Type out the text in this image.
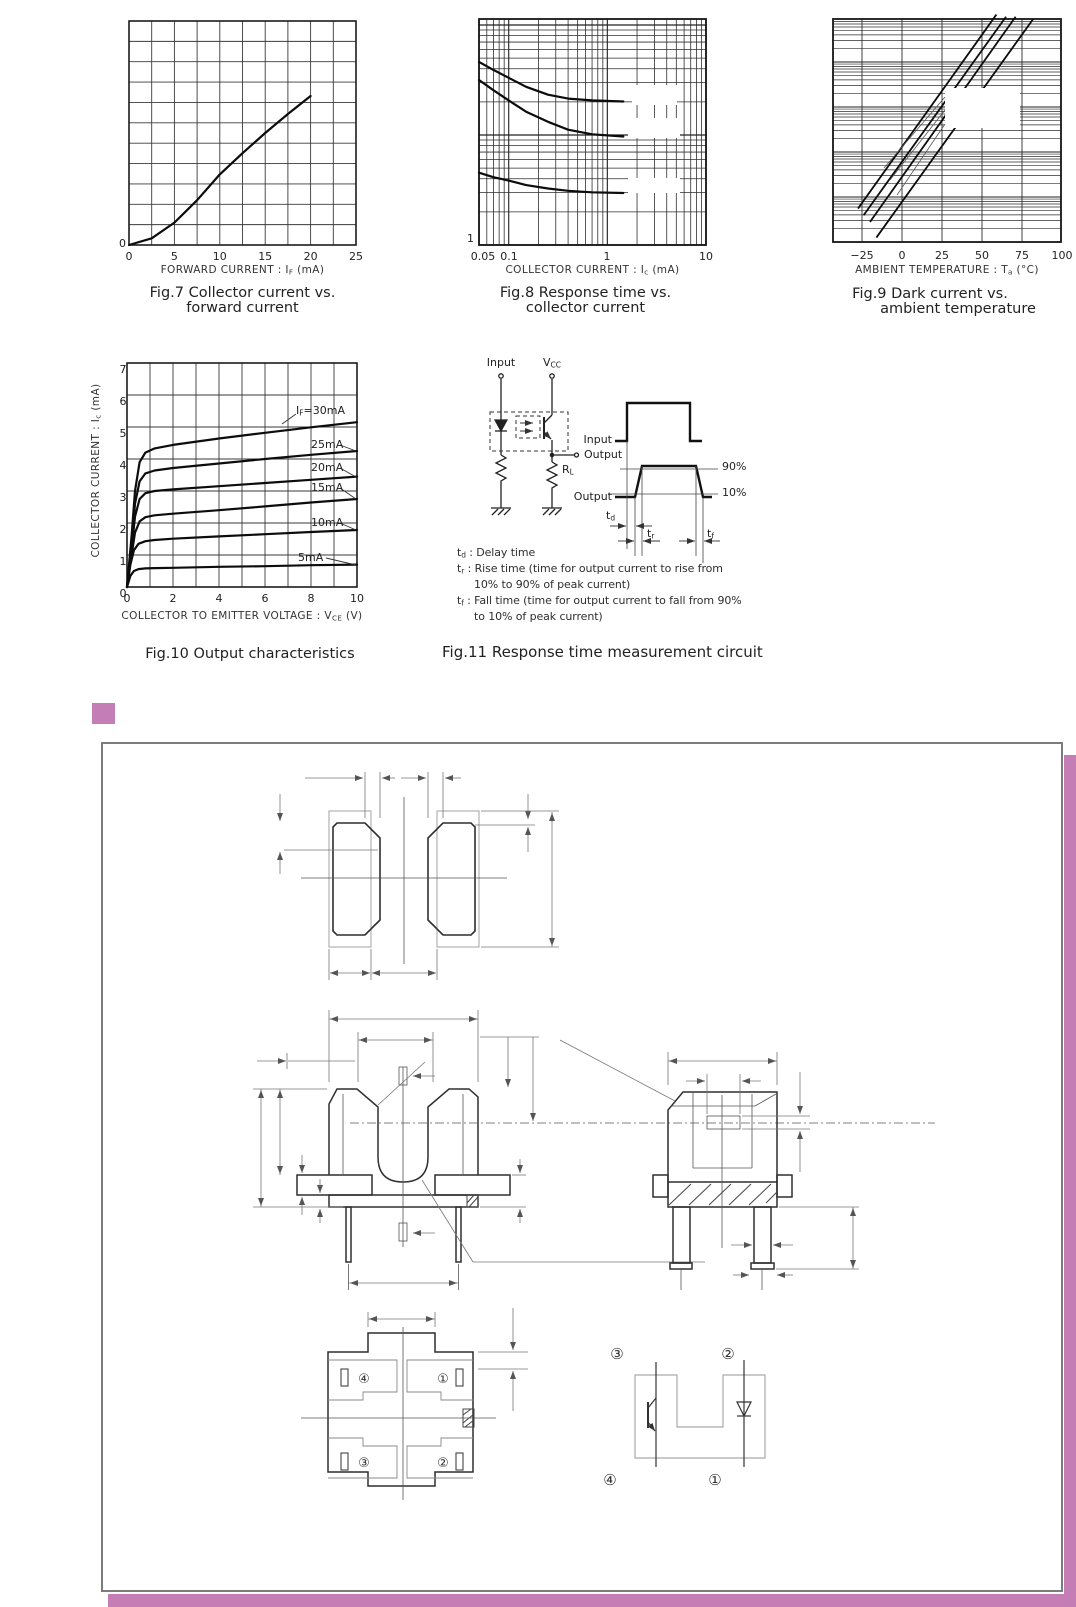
0	5	10	15	20	25
0
FORWARD CURRENT : IF (mA)
Fig.7 Collector current vs.
forward current
0.05 0.1	1	10
1
COLLECTOR CURRENT : Ic (mA)
Fig.8 Response time vs.
collector current
−25 0	25 50 75 100
AMBIENT TEMPERATURE : Ta (°C)
Fig.9 Dark current vs.
ambient temperature
0	2	4	6	8	10
7
6
5
4
3
2
1
0
COLLECTOR CURRENT : Ic (mA)
COLLECTOR TO EMITTER VOLTAGE : VCE (V)
IF=30mA
25mA
20mA
15mA
10mA
5mA
Fig.10 Output characteristics
Input	VCC
Output
RL
Input
Output
90%
10%
td
tr	tf
td : Delay time
tr : Rise time (time for output current to rise from
10% to 90% of peak current)
tf : Fall time (time for output current to fall from 90%
to 10% of peak current)
Fig.11 Response time measurement circuit
④	①
③	②
③	②
④	①
